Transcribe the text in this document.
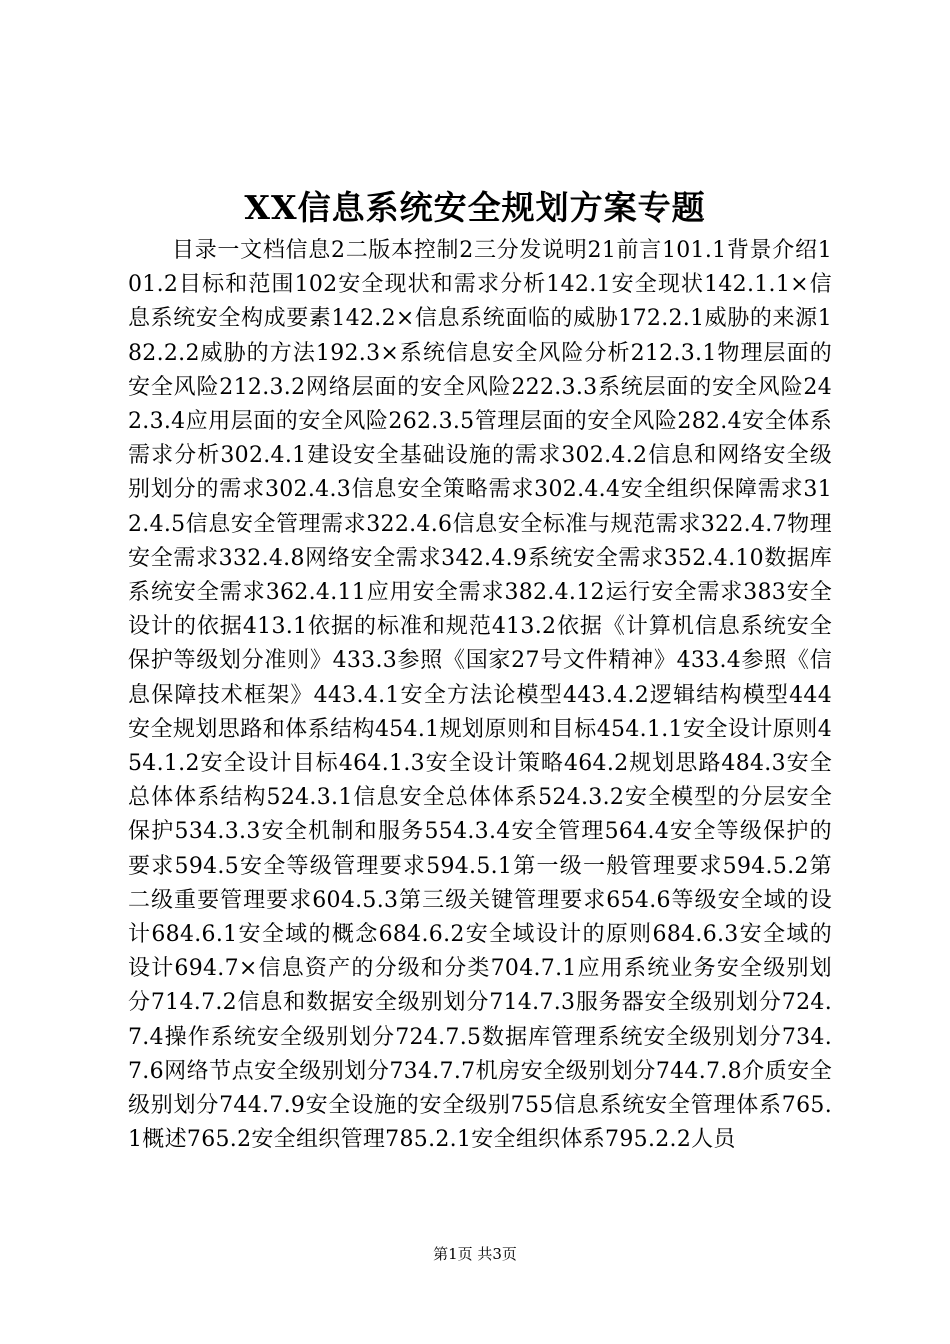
XX信息系统安全规划方案专题

目录一文档信息2二版本控制2三分发说明21前言101.1背景介绍101.2目标和范围102安全现状和需求分析142.1安全现状142.1.1×信息系统安全构成要素142.2×信息系统面临的威胁172.2.1威胁的来源182.2.2威胁的方法192.3×系统信息安全风险分析212.3.1物理层面的安全风险212.3.2网络层面的安全风险222.3.3系统层面的安全风险242.3.4应用层面的安全风险262.3.5管理层面的安全风险282.4安全体系需求分析302.4.1建设安全基础设施的需求302.4.2信息和网络安全级别划分的需求302.4.3信息安全策略需求302.4.4安全组织保障需求312.4.5信息安全管理需求322.4.6信息安全标准与规范需求322.4.7物理安全需求332.4.8网络安全需求342.4.9系统安全需求352.4.10数据库系统安全需求362.4.11应用安全需求382.4.12运行安全需求383安全设计的依据413.1依据的标准和规范413.2依据《计算机信息系统安全保护等级划分准则》433.3参照《国家27号文件精神》433.4参照《信息保障技术框架》443.4.1安全方法论模型443.4.2逻辑结构模型444安全规划思路和体系结构454.1规划原则和目标454.1.1安全设计原则454.1.2安全设计目标464.1.3安全设计策略464.2规划思路484.3安全总体体系结构524.3.1信息安全总体体系524.3.2安全模型的分层安全保护534.3.3安全机制和服务554.3.4安全管理564.4安全等级保护的要求594.5安全等级管理要求594.5.1第一级一般管理要求594.5.2第二级重要管理要求604.5.3第三级关键管理要求654.6等级安全域的设计684.6.1安全域的概念684.6.2安全域设计的原则684.6.3安全域的设计694.7×信息资产的分级和分类704.7.1应用系统业务安全级别划分714.7.2信息和数据安全级别划分714.7.3服务器安全级别划分724.7.4操作系统安全级别划分724.7.5数据库管理系统安全级别划分734.7.6网络节点安全级别划分734.7.7机房安全级别划分744.7.8介质安全级别划分744.7.9安全设施的安全级别755信息系统安全管理体系765.1概述765.2安全组织管理785.2.1安全组织体系795.2.2人员

第1页 共3页
